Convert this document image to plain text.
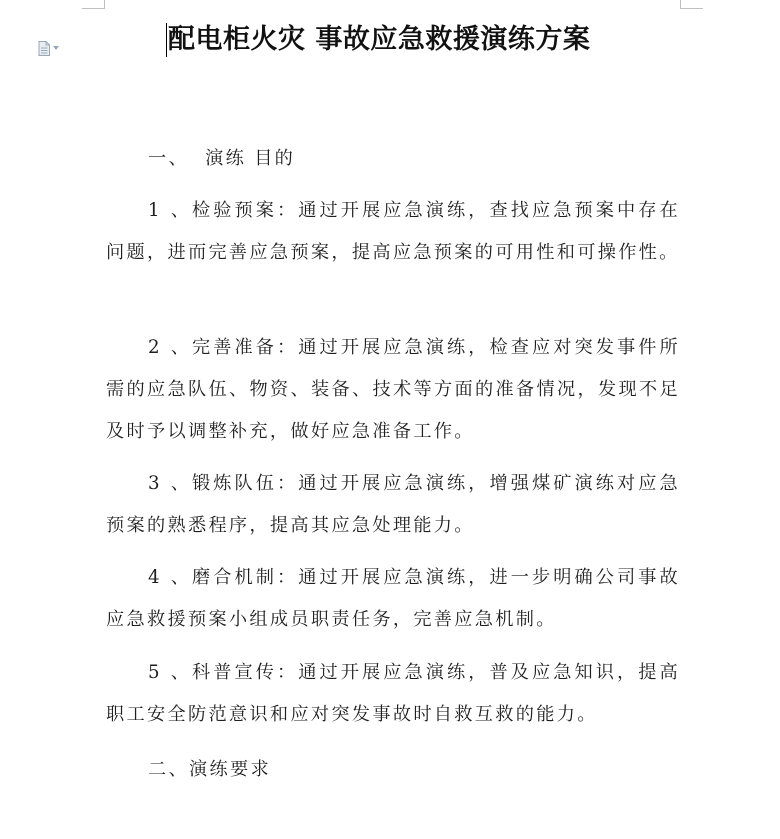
配电柜火灾 事故应急救援演练方案
一、  演练 目的

1 、检验预案：通过开展应急演练，查找应急预案中存在问题，进而完善应急预案，提高应急预案的可用性和可操作性。

2 、完善准备：通过开展应急演练，检查应对突发事件所需的应急队伍、物资、装备、技术等方面的准备情况，发现不足及时予以调整补充，做好应急准备工作。

3 、锻炼队伍：通过开展应急演练，增强煤矿演练对应急预案的熟悉程序，提高其应急处理能力。

4 、磨合机制：通过开展应急演练，进一步明确公司事故应急救援预案小组成员职责任务，完善应急机制。

5 、科普宣传：通过开展应急演练，普及应急知识，提高职工安全防范意识和应对突发事故时自救互救的能力。

二、演练要求
